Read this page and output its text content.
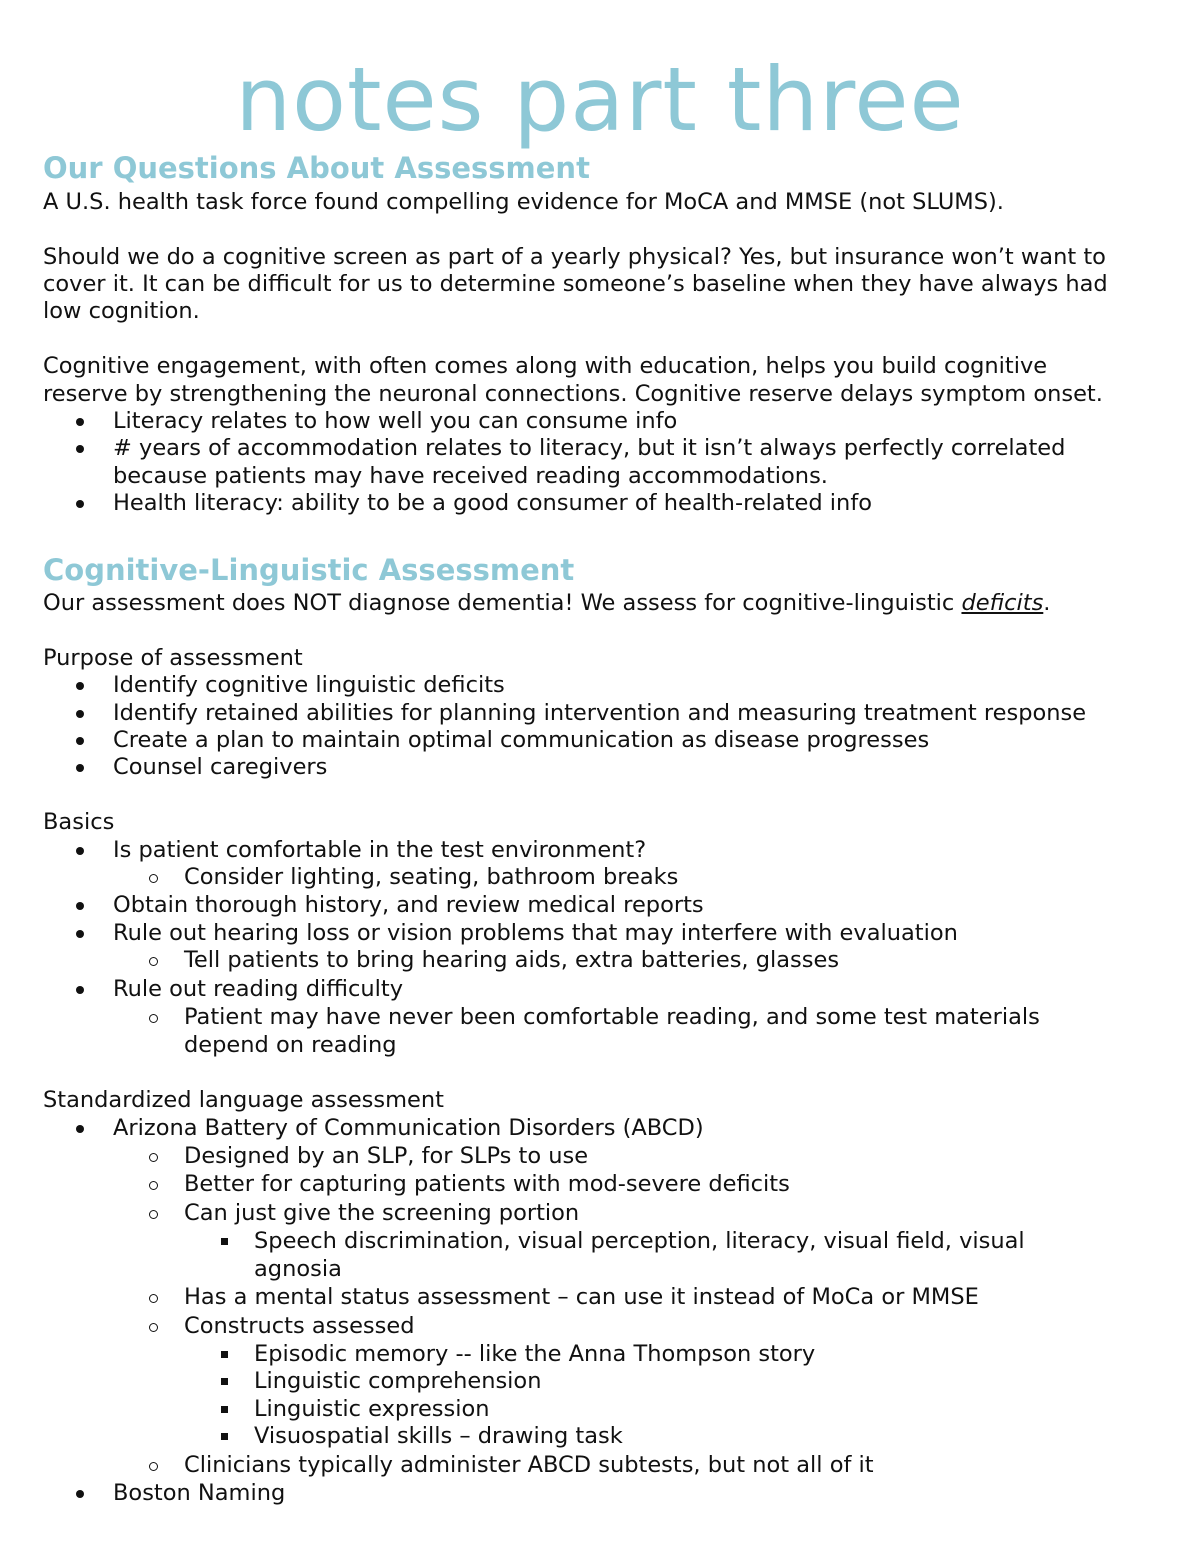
notes part three
Our Questions About Assessment
A U.S. health task force found compelling evidence for MoCA and MMSE (not SLUMS).
Should we do a cognitive screen as part of a yearly physical? Yes, but insurance won’t want to
cover it. It can be difficult for us to determine someone’s baseline when they have always had
low cognition.
Cognitive engagement, with often comes along with education, helps you build cognitive
reserve by strengthening the neuronal connections. Cognitive reserve delays symptom onset.
Literacy relates to how well you can consume info
# years of accommodation relates to literacy, but it isn’t always perfectly correlated
because patients may have received reading accommodations.
Health literacy: ability to be a good consumer of health-related info
Cognitive-Linguistic Assessment
Our assessment does NOT diagnose dementia! We assess for cognitive-linguistic deficits.
Purpose of assessment
Identify cognitive linguistic deficits
Identify retained abilities for planning intervention and measuring treatment response
Create a plan to maintain optimal communication as disease progresses
Counsel caregivers
Basics
Is patient comfortable in the test environment?
Consider lighting, seating, bathroom breaks
Obtain thorough history, and review medical reports
Rule out hearing loss or vision problems that may interfere with evaluation
Tell patients to bring hearing aids, extra batteries, glasses
Rule out reading difficulty
Patient may have never been comfortable reading, and some test materials
depend on reading
Standardized language assessment
Arizona Battery of Communication Disorders (ABCD)
Designed by an SLP, for SLPs to use
Better for capturing patients with mod-severe deficits
Can just give the screening portion
Speech discrimination, visual perception, literacy, visual field, visual
agnosia
Has a mental status assessment – can use it instead of MoCa or MMSE
Constructs assessed
Episodic memory -- like the Anna Thompson story
Linguistic comprehension
Linguistic expression
Visuospatial skills – drawing task
Clinicians typically administer ABCD subtests, but not all of it
Boston Naming
